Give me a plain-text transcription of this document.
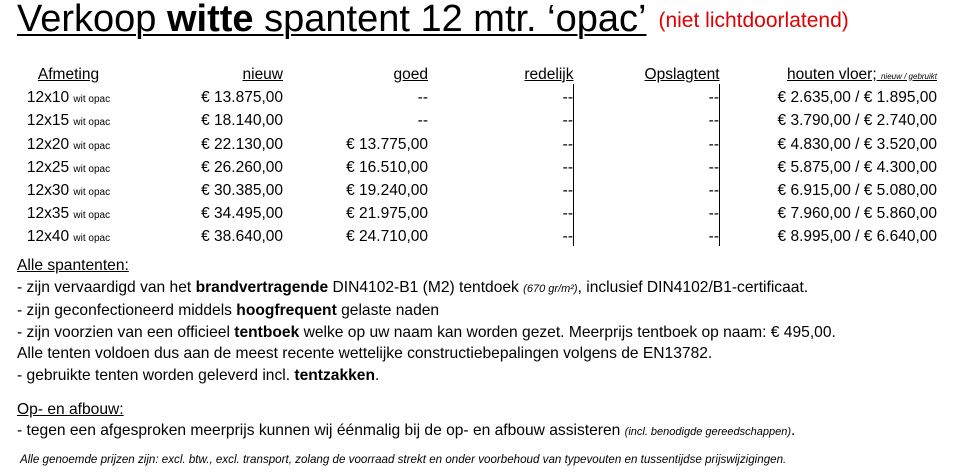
Verkoop witte spantent 12 mtr. ‘opac’ (niet lichtdoorlatend)
Afmeting	nieuw	goed	redelijk	Opslagtent	houten vloer; nieuw / gebruikt
12x10 wit opac	€ 13.875,00	--	--	--	€ 2.635,00 / € 1.895,00
12x15 wit opac	€ 18.140,00	--	--	--	€ 3.790,00 / € 2.740,00
12x20 wit opac	€ 22.130,00	€ 13.775,00	--	--	€ 4.830,00 / € 3.520,00
12x25 wit opac	€ 26.260,00	€ 16.510,00	--	--	€ 5.875,00 / € 4.300,00
12x30 wit opac	€ 30.385,00	€ 19.240,00	--	--	€ 6.915,00 / € 5.080,00
12x35 wit opac	€ 34.495,00	€ 21.975,00	--	--	€ 7.960,00 / € 5.860,00
12x40 wit opac	€ 38.640,00	€ 24.710,00	--	--	€ 8.995,00 / € 6.640,00
Alle spantenten:
- zijn vervaardigd van het brandvertragende DIN4102-B1 (M2) tentdoek (670 gr/m²), inclusief DIN4102/B1-certificaat.
- zijn geconfectioneerd middels hoogfrequent gelaste naden
- zijn voorzien van een officieel tentboek welke op uw naam kan worden gezet. Meerprijs tentboek op naam: € 495,00.
Alle tenten voldoen dus aan de meest recente wettelijke constructiebepalingen volgens de EN13782.
- gebruikte tenten worden geleverd incl. tentzakken.
Op- en afbouw:
- tegen een afgesproken meerprijs kunnen wij éénmalig bij de op- en afbouw assisteren (incl. benodigde gereedschappen).
Alle genoemde prijzen zijn: excl. btw., excl. transport, zolang de voorraad strekt en onder voorbehoud van typevouten en tussentijdse prijswijzigingen.
